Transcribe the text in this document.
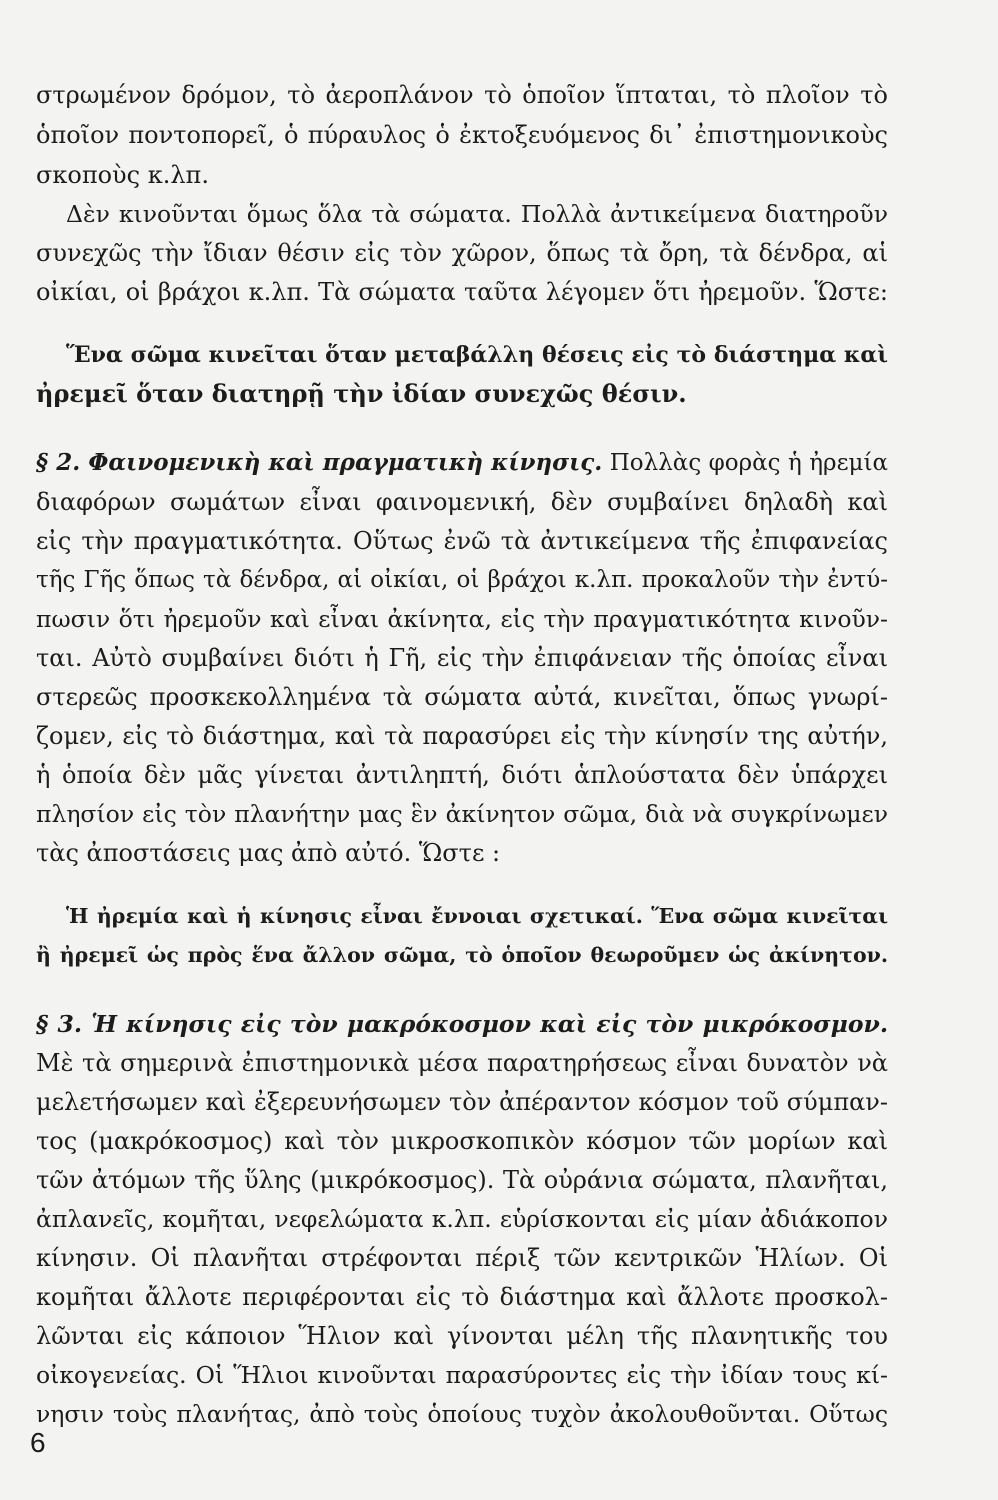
στρωμένον δρόμον, τὸ ἀεροπλάνον τὸ ὁποῖον ἵπταται, τὸ πλοῖον τὸ
ὁποῖον ποντοπορεῖ, ὁ πύραυλος ὁ ἐκτοξευόμενος δι᾽ ἐπιστημονικοὺς
σκοποὺς κ.λπ.
Δὲν κινοῦνται ὅμως ὅλα τὰ σώματα. Πολλὰ ἀντικείμενα διατηροῦν
συνεχῶς τὴν ἴδιαν θέσιν εἰς τὸν χῶρον, ὅπως τὰ ὄρη, τὰ δένδρα, αἱ
οἰκίαι, οἱ βράχοι κ.λπ. Τὰ σώματα ταῦτα λέγομεν ὅτι ἠρεμοῦν. Ὥστε:
Ἕνα σῶμα κινεῖται ὅταν μεταβάλλη θέσεις εἰς τὸ διάστημα καὶ
ἠρεμεῖ ὅταν διατηρῇ τὴν ἰδίαν συνεχῶς θέσιν.
§ 2. Φαινομενικὴ καὶ πραγματικὴ κίνησις. Πολλὰς φορὰς ἡ ἠρεμία
διαφόρων σωμάτων εἶναι φαινομενική, δὲν συμβαίνει δηλαδὴ καὶ
εἰς τὴν πραγματικότητα. Οὕτως ἐνῶ τὰ ἀντικείμενα τῆς ἐπιφανείας
τῆς Γῆς ὅπως τὰ δένδρα, αἱ οἰκίαι, οἱ βράχοι κ.λπ. προκαλοῦν τὴν ἐντύ-
πωσιν ὅτι ἠρεμοῦν καὶ εἶναι ἀκίνητα, εἰς τὴν πραγματικότητα κινοῦν-
ται. Αὐτὸ συμβαίνει διότι ἡ Γῆ, εἰς τὴν ἐπιφάνειαν τῆς ὁποίας εἶναι
στερεῶς προσκεκολλημένα τὰ σώματα αὐτά, κινεῖται, ὅπως γνωρί-
ζομεν, εἰς τὸ διάστημα, καὶ τὰ παρασύρει εἰς τὴν κίνησίν της αὐτήν,
ἡ ὁποία δὲν μᾶς γίνεται ἀντιληπτή, διότι ἁπλούστατα δὲν ὑπάρχει
πλησίον εἰς τὸν πλανήτην μας ἓν ἀκίνητον σῶμα, διὰ νὰ συγκρίνωμεν
τὰς ἀποστάσεις μας ἀπὸ αὐτό. Ὥστε :
Ἡ ἠρεμία καὶ ἡ κίνησις εἶναι ἔννοιαι σχετικαί. Ἕνα σῶμα κινεῖται
ἢ ἠρεμεῖ ὡς πρὸς ἕνα ἄλλον σῶμα, τὸ ὁποῖον θεωροῦμεν ὡς ἀκίνητον.
§ 3. Ἡ κίνησις εἰς τὸν μακρόκοσμον καὶ εἰς τὸν μικρόκοσμον.
Μὲ τὰ σημερινὰ ἐπιστημονικὰ μέσα παρατηρήσεως εἶναι δυνατὸν νὰ
μελετήσωμεν καὶ ἐξερευνήσωμεν τὸν ἀπέραντον κόσμον τοῦ σύμπαν-
τος (μακρόκοσμος) καὶ τὸν μικροσκοπικὸν κόσμον τῶν μορίων καὶ
τῶν ἀτόμων τῆς ὕλης (μικρόκοσμος). Τὰ οὐράνια σώματα, πλανῆται,
ἀπλανεῖς, κομῆται, νεφελώματα κ.λπ. εὑρίσκονται εἰς μίαν ἀδιάκοπον
κίνησιν. Οἱ πλανῆται στρέφονται πέριξ τῶν κεντρικῶν Ἡλίων. Οἱ
κομῆται ἄλλοτε περιφέρονται εἰς τὸ διάστημα καὶ ἄλλοτε προσκολ-
λῶνται εἰς κάποιον Ἥλιον καὶ γίνονται μέλη τῆς πλανητικῆς του
οἰκογενείας. Οἱ Ἥλιοι κινοῦνται παρασύροντες εἰς τὴν ἰδίαν τους κί-
νησιν τοὺς πλανήτας, ἀπὸ τοὺς ὁποίους τυχὸν ἀκολουθοῦνται. Οὕτως
6
